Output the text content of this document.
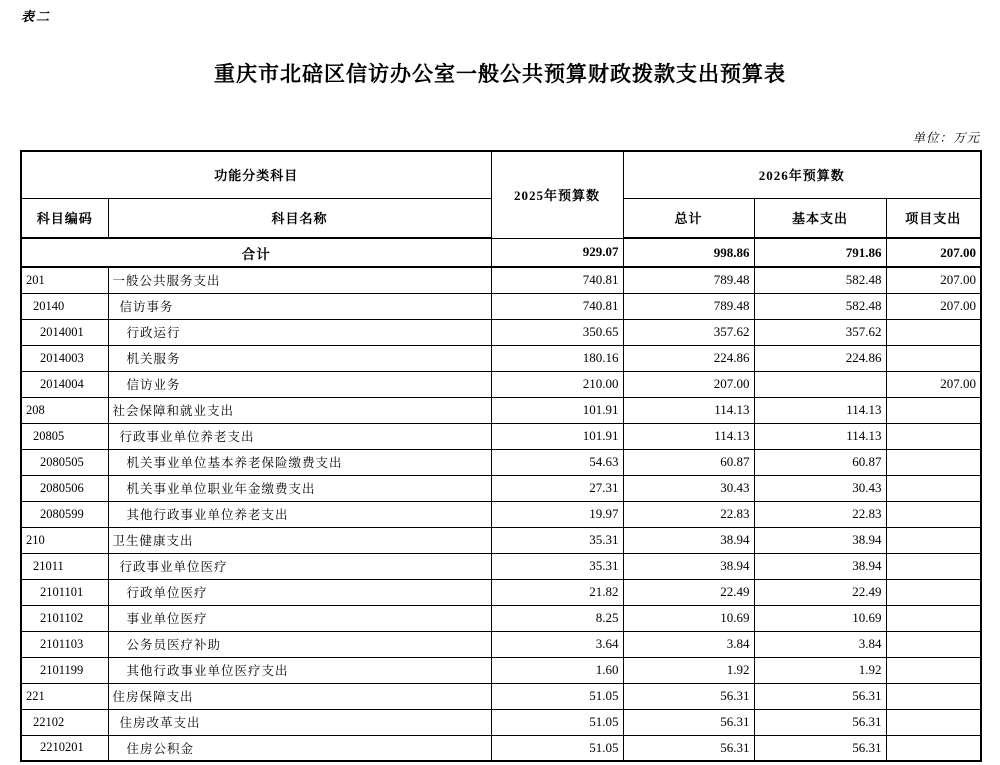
表二
重庆市北碚区信访办公室一般公共预算财政拨款支出预算表
单位：万元
功能分类科目		2025年预算数	2026年预算数		
科目编码	科目名称		总计	基本支出	项目支出
合计		929.07	998.86	791.86	207.00
201	一般公共服务支出	740.81	789.48	582.48	207.00
20140	信访事务	740.81	789.48	582.48	207.00
2014001	行政运行	350.65	357.62	357.62	
2014003	机关服务	180.16	224.86	224.86	
2014004	信访业务	210.00	207.00		207.00
208	社会保障和就业支出	101.91	114.13	114.13	
20805	行政事业单位养老支出	101.91	114.13	114.13	
2080505	机关事业单位基本养老保险缴费支出	54.63	60.87	60.87	
2080506	机关事业单位职业年金缴费支出	27.31	30.43	30.43	
2080599	其他行政事业单位养老支出	19.97	22.83	22.83	
210	卫生健康支出	35.31	38.94	38.94	
21011	行政事业单位医疗	35.31	38.94	38.94	
2101101	行政单位医疗	21.82	22.49	22.49	
2101102	事业单位医疗	8.25	10.69	10.69	
2101103	公务员医疗补助	3.64	3.84	3.84	
2101199	其他行政事业单位医疗支出	1.60	1.92	1.92	
221	住房保障支出	51.05	56.31	56.31	
22102	住房改革支出	51.05	56.31	56.31	
2210201	住房公积金	51.05	56.31	56.31	
